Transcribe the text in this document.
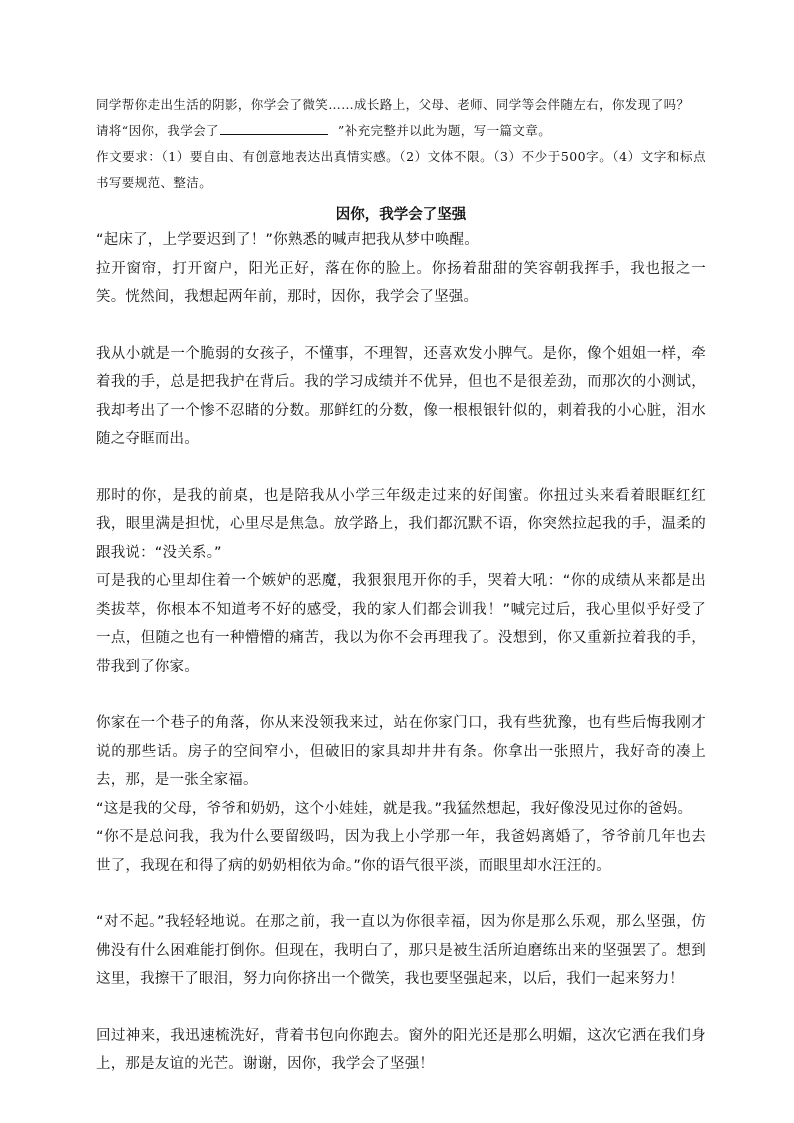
同学帮你走出生活的阴影，你学会了微笑……成长路上，父母、老师、同学等会伴随左右，你发现了吗？

请将“因你，我学会了	”补充完整并以此为题，写一篇文章。

作文要求：（1）要自由、有创意地表达出真情实感。（2）文体不限。（3）不少于500字。（4）文字和标点书写要规范、整洁。

因你，我学会了坚强

“起床了，上学要迟到了！”你熟悉的喊声把我从梦中唤醒。

拉开窗帘，打开窗户，阳光正好，落在你的脸上。你扬着甜甜的笑容朝我挥手，我也报之一笑。恍然间，我想起两年前，那时，因你，我学会了坚强。

我从小就是一个脆弱的女孩子，不懂事，不理智，还喜欢发小脾气。是你，像个姐姐一样，牵着我的手，总是把我护在背后。我的学习成绩并不优异，但也不是很差劲，而那次的小测试，我却考出了一个惨不忍睹的分数。那鲜红的分数，像一根根银针似的，刺着我的小心脏，泪水随之夺眶而出。

那时的你，是我的前桌，也是陪我从小学三年级走过来的好闺蜜。你扭过头来看着眼眶红红我，眼里满是担忧，心里尽是焦急。放学路上，我们都沉默不语，你突然拉起我的手，温柔的跟我说：“没关系。”

可是我的心里却住着一个嫉妒的恶魔，我狠狠甩开你的手，哭着大吼：“你的成绩从来都是出类拔萃，你根本不知道考不好的感受，我的家人们都会训我！”喊完过后，我心里似乎好受了一点，但随之也有一种懵懵的痛苦，我以为你不会再理我了。没想到，你又重新拉着我的手，带我到了你家。

你家在一个巷子的角落，你从来没领我来过，站在你家门口，我有些犹豫，也有些后悔我刚才说的那些话。房子的空间窄小，但破旧的家具却井井有条。你拿出一张照片，我好奇的凑上去，那，是一张全家福。

“这是我的父母，爷爷和奶奶，这个小娃娃，就是我。”我猛然想起，我好像没见过你的爸妈。

“你不是总问我，我为什么要留级吗，因为我上小学那一年，我爸妈离婚了，爷爷前几年也去世了，我现在和得了病的奶奶相依为命。”你的语气很平淡，而眼里却水汪汪的。

“对不起。”我轻轻地说。在那之前，我一直以为你很幸福，因为你是那么乐观，那么坚强，仿佛没有什么困难能打倒你。但现在，我明白了，那只是被生活所迫磨练出来的坚强罢了。想到这里，我擦干了眼泪，努力向你挤出一个微笑，我也要坚强起来，以后，我们一起来努力！

回过神来，我迅速梳洗好，背着书包向你跑去。窗外的阳光还是那么明媚，这次它洒在我们身上，那是友谊的光芒。谢谢，因你，我学会了坚强！
